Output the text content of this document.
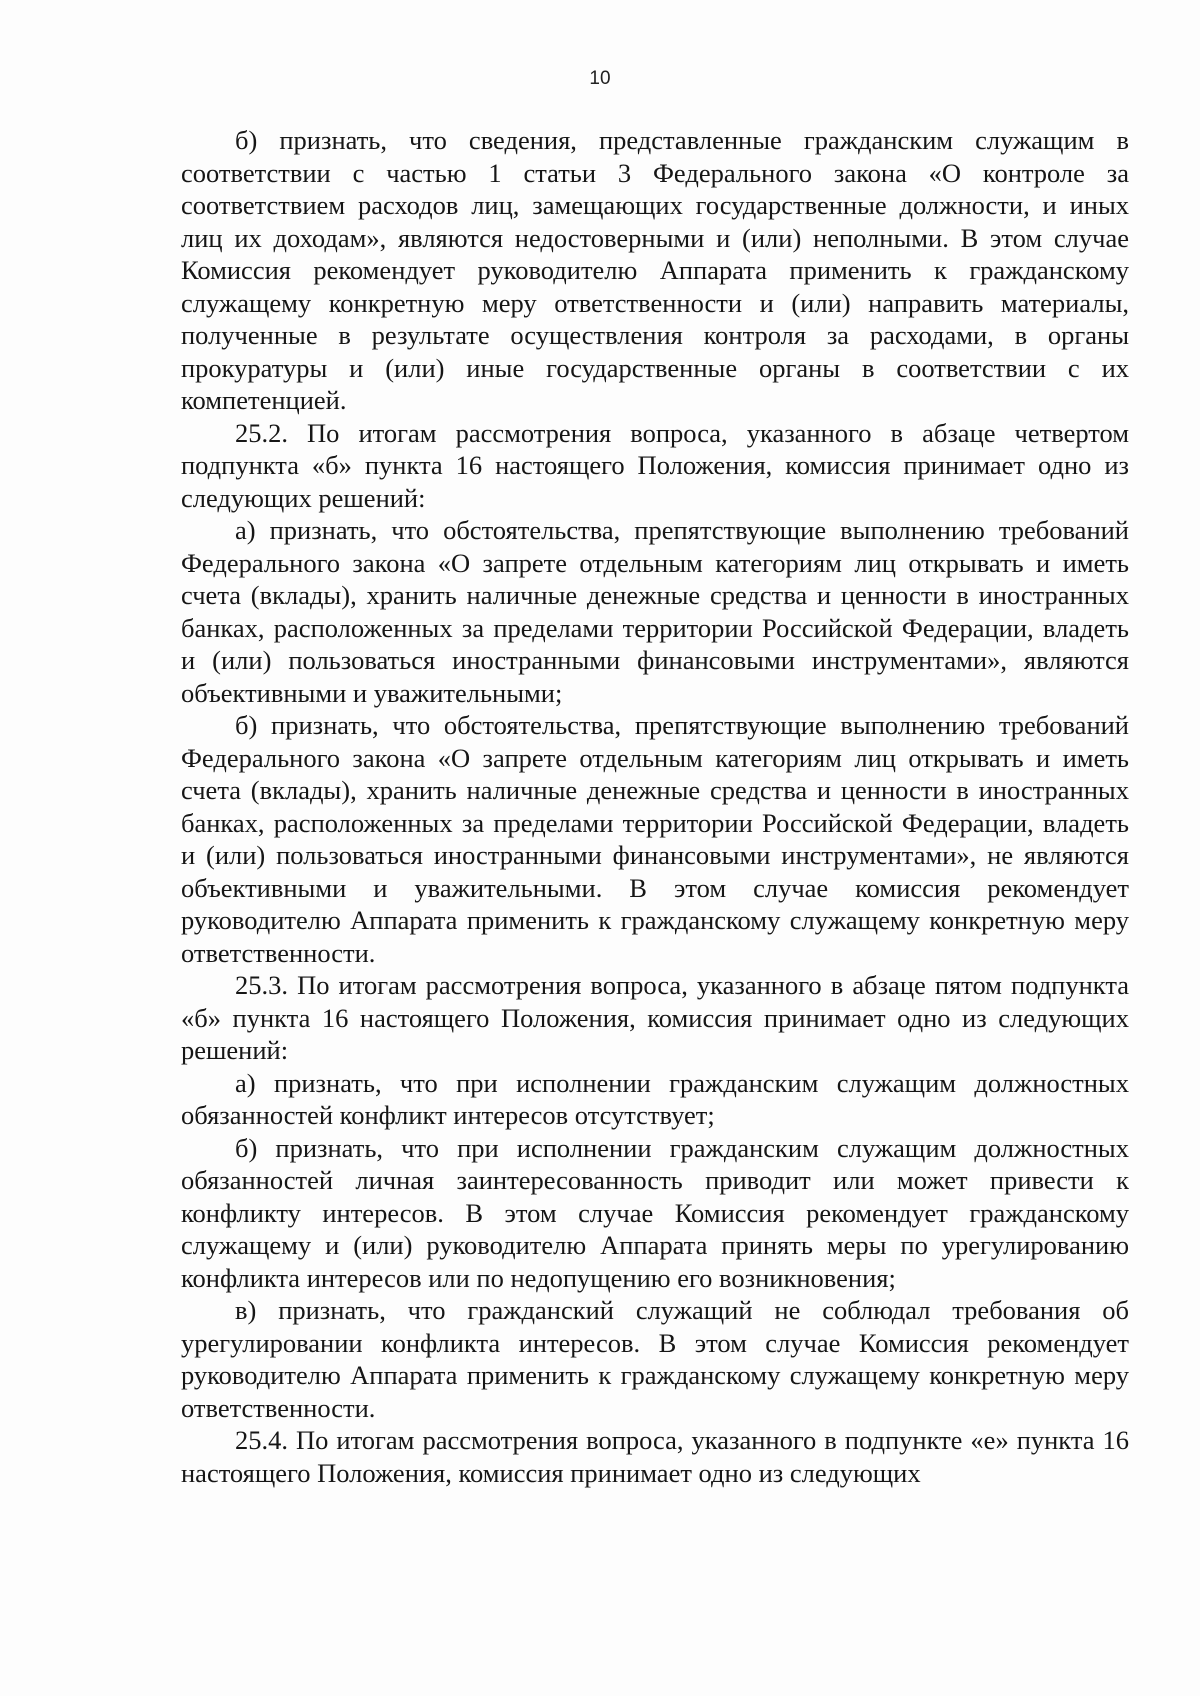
10

б) признать, что сведения, представленные гражданским служащим в соответствии с частью 1 статьи 3 Федерального закона «О контроле за соответствием расходов лиц, замещающих государственные должности, и иных лиц их доходам», являются недостоверными и (или) неполными. В этом случае Комиссия рекомендует руководителю Аппарата применить к гражданскому служащему конкретную меру ответственности и (или) направить материалы, полученные в результате осуществления контроля за расходами, в органы прокуратуры и (или) иные государственные органы в соответствии с их компетенцией.

25.2. По итогам рассмотрения вопроса, указанного в абзаце четвертом подпункта «б» пункта 16 настоящего Положения, комиссия принимает одно из следующих решений:

а) признать, что обстоятельства, препятствующие выполнению требований Федерального закона «О запрете отдельным категориям лиц открывать и иметь счета (вклады), хранить наличные денежные средства и ценности в иностранных банках, расположенных за пределами территории Российской Федерации, владеть и (или) пользоваться иностранными финансовыми инструментами», являются объективными и уважительными;

б) признать, что обстоятельства, препятствующие выполнению требований Федерального закона «О запрете отдельным категориям лиц открывать и иметь счета (вклады), хранить наличные денежные средства и ценности в иностранных банках, расположенных за пределами территории Российской Федерации, владеть и (или) пользоваться иностранными финансовыми инструментами», не являются объективными и уважительными. В этом случае комиссия рекомендует руководителю Аппарата применить к гражданскому служащему конкретную меру ответственности.

25.3. По итогам рассмотрения вопроса, указанного в абзаце пятом подпункта «б» пункта 16 настоящего Положения, комиссия принимает одно из следующих решений:

а) признать, что при исполнении гражданским служащим должностных обязанностей конфликт интересов отсутствует;

б) признать, что при исполнении гражданским служащим должностных обязанностей личная заинтересованность приводит или может привести к конфликту интересов. В этом случае Комиссия рекомендует гражданскому служащему и (или) руководителю Аппарата принять меры по урегулированию конфликта интересов или по недопущению его возникновения;

в) признать, что гражданский служащий не соблюдал требования об урегулировании конфликта интересов. В этом случае Комиссия рекомендует руководителю Аппарата применить к гражданскому служащему конкретную меру ответственности.

25.4. По итогам рассмотрения вопроса, указанного в подпункте «е» пункта 16 настоящего Положения, комиссия принимает одно из следующих
